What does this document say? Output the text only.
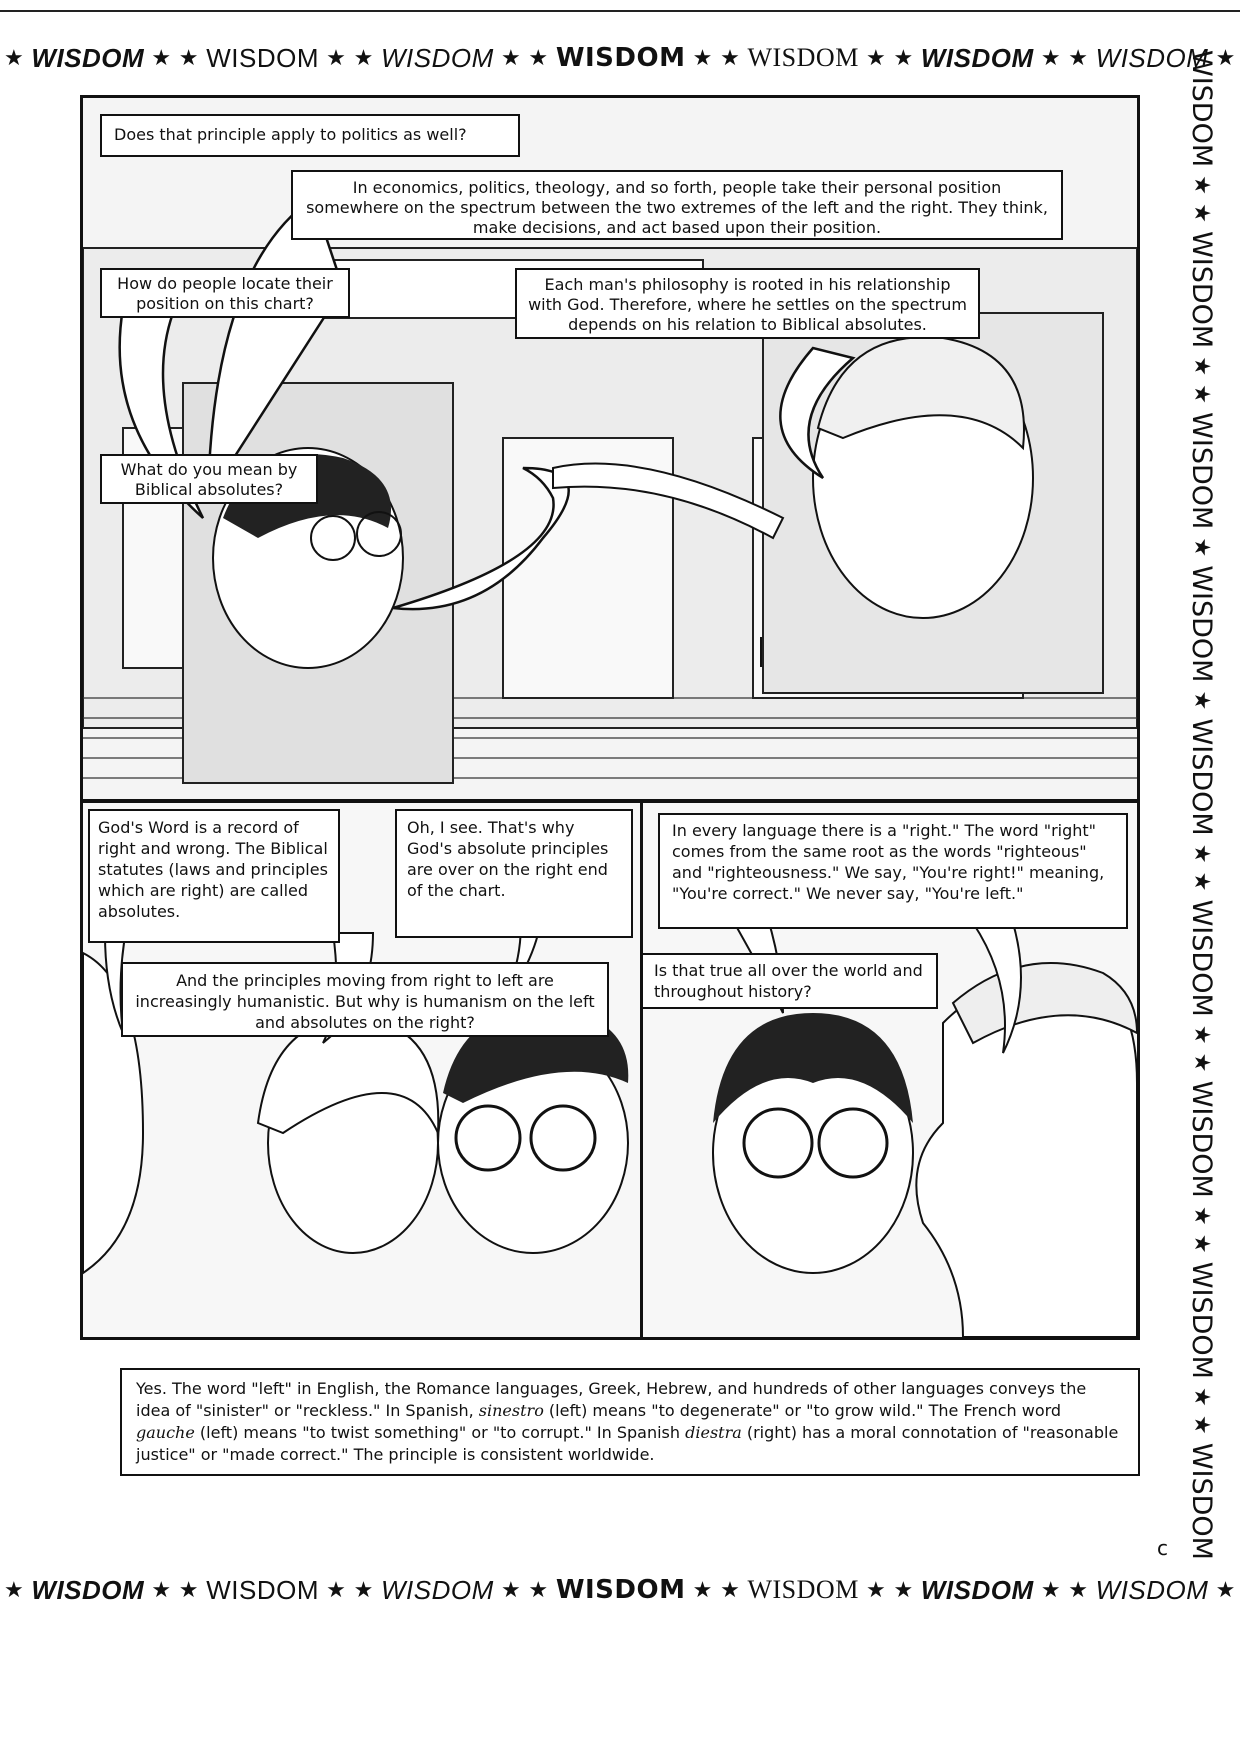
★ WISDOM ★ ★ WISDOM ★ ★ WISDOM ★ ★ WISDOM ★ ★ WISDOM ★ ★ WISDOM ★ ★ WISDOM ★
★ WISDOM ★ ★ WISDOM ★ ★ WISDOM ★ ★ WISDOM ★ ★ WISDOM ★ ★ WISDOM ★ ★ WISDOM ★
WISDOM
★
★
WISDOM
★
★
WISDOM
★
WISDOM
★
WISDOM
★
★
WISDOM
★
★
WISDOM
★
★
WISDOM
★
★
WISDOM
Does that principle apply to politics as well?
In economics, politics, theology, and so forth, people take their personal position somewhere on the spectrum between the two extremes of the left and the right. They think, make decisions, and act based upon their position.
How do people locate their position on this chart?
Each man's philosophy is rooted in his relationship with God. Therefore, where he settles on the spectrum depends on his relation to Biblical absolutes.
What do you mean by Biblical absolutes?
God's Word is a record of right and wrong. The Biblical statutes (laws and principles which are right) are called absolutes.
Oh, I see. That's why God's absolute principles are over on the right end of the chart.
And the principles moving from right to left are increasingly humanistic. But why is humanism on the left and absolutes on the right?
In every language there is a "right." The word "right" comes from the same root as the words "righteous" and "righteousness." We say, "You're right!" meaning, "You're correct." We never say, "You're left."
Is that true all over the world and throughout history?
Yes. The word "left" in English, the Romance languages, Greek, Hebrew, and hundreds of other languages conveys the idea of "sinister" or "reckless." In Spanish, sinestro (left) means "to degenerate" or "to grow wild." The French word gauche (left) means "to twist something" or "to corrupt." In Spanish diestra (right) has a moral connotation of "reasonable justice" or "made correct." The principle is consistent worldwide.
c
